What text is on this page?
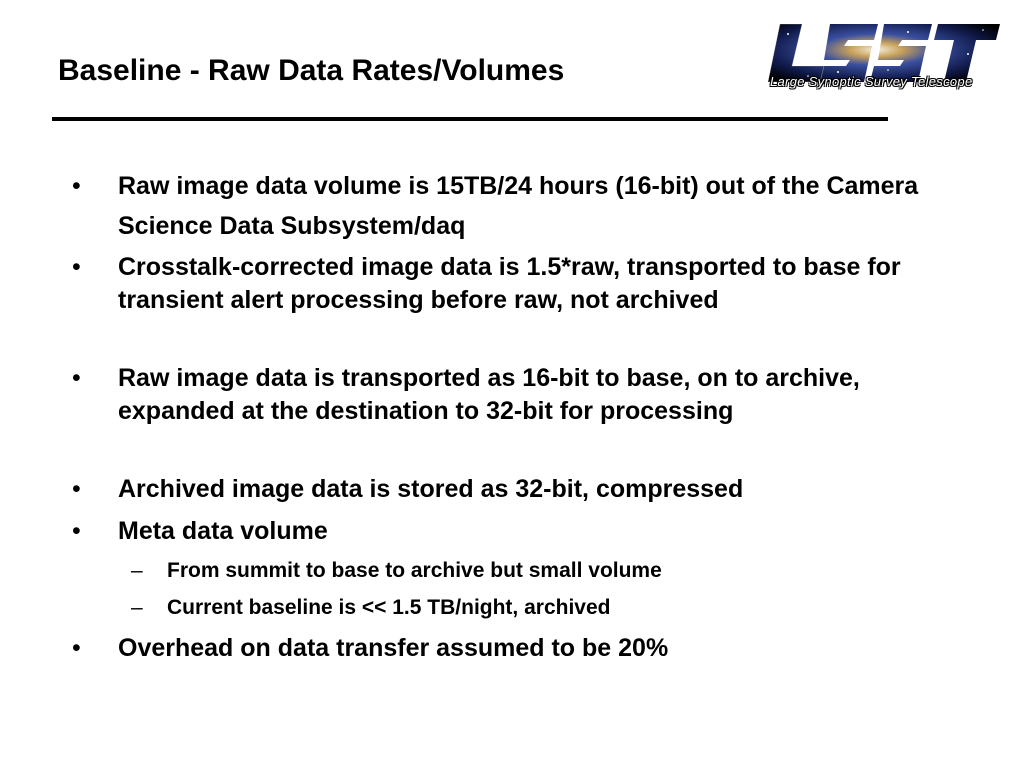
Baseline - Raw Data Rates/Volumes	Large Synoptic Survey Telescope
• Raw image data volume is 15TB/24 hours (16-bit) out of the Camera Science Data Subsystem/daq
• Crosstalk-corrected image data is 1.5*raw, transported to base for transient alert processing before raw, not archived
• Raw image data is transported as 16-bit to base, on to archive, expanded at the destination to 32-bit for processing
• Archived image data is stored as 32-bit, compressed
• Meta data volume
– From summit to base to archive but small volume
– Current baseline is << 1.5 TB/night, archived
• Overhead on data transfer assumed to be 20%
